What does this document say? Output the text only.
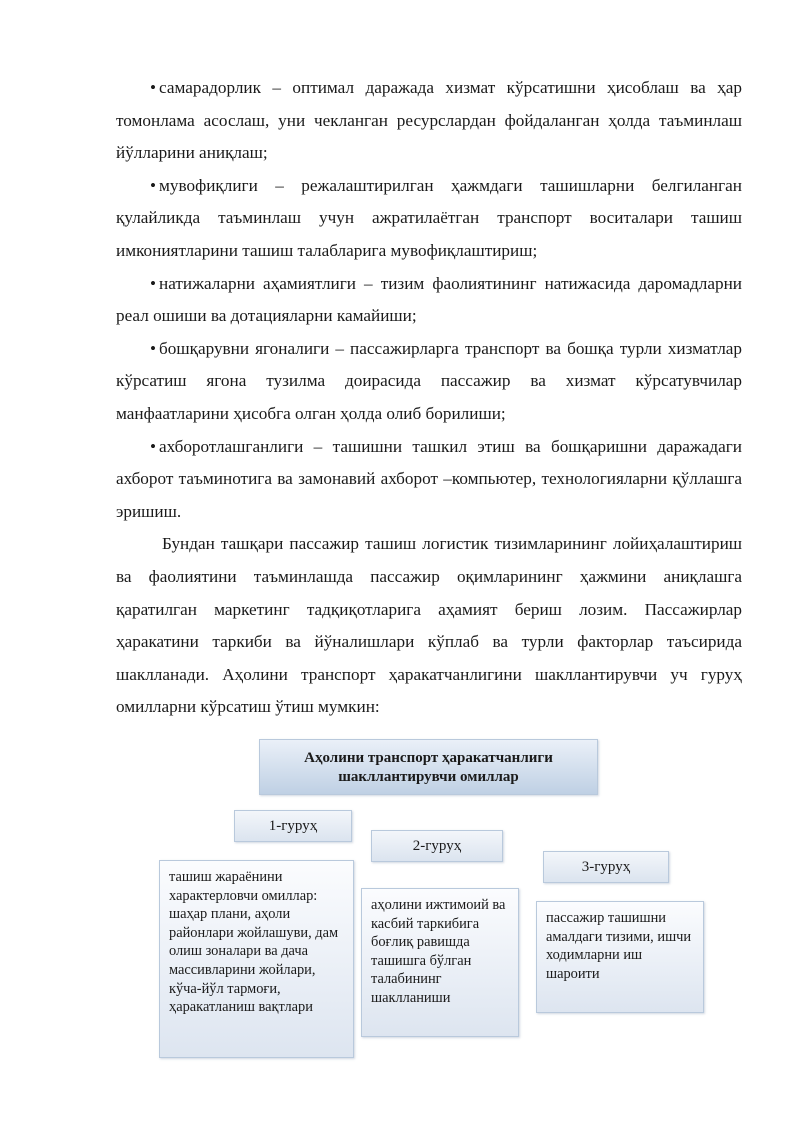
• самарадорлик – оптимал даражада хизмат кўрсатишни ҳисоблаш ва ҳар томонлама асослаш, уни чекланган ресурслардан фойдаланган ҳолда таъминлаш йўлларини аниқлаш;

• мувофиқлиги – режалаштирилган ҳажмдаги ташишларни белгиланган қулайликда таъминлаш учун ажратилаётган транспорт воситалари ташиш имкониятларини ташиш талабларига мувофиқлаштириш;

• натижаларни аҳамиятлиги – тизим фаолиятининг натижасида даромадларни реал ошиши ва дотацияларни камайиши;

• бошқарувни ягоналиги – пассажирларга транспорт ва бошқа турли хизматлар кўрсатиш ягона тузилма доирасида пассажир ва хизмат кўрсатувчилар манфаатларини ҳисобга олган ҳолда олиб борилиши;

• ахборотлашганлиги – ташишни ташкил этиш ва бошқаришни даражадаги ахборот таъминотига ва замонавий ахборот –компьютер, технологияларни қўллашга эришиш.

Бундан ташқари пассажир ташиш логистик тизимларининг лойиҳалаштириш ва фаолиятини таъминлашда пассажир оқимларининг ҳажмини аниқлашга қаратилган маркетинг тадқиқотларига аҳамият бериш лозим. Пассажирлар ҳаракатини таркиби ва йўналишлари кўплаб ва турли факторлар таъсирида шаклланади. Аҳолини транспорт ҳаракатчанлигини шакллантирувчи уч гуруҳ омилларни кўрсатиш ўтиш мумкин:

Аҳолини транспорт ҳаракатчанлиги
шакллантирувчи омиллар
1-гуруҳ
2-гуруҳ
3-гуруҳ
ташиш жараёнини характерловчи омиллар: шаҳар плани, аҳоли районлари жойлашуви, дам олиш зоналари ва дача массивларини жойлари, кўча-йўл тармоғи, ҳаракатланиш вақтлари
аҳолини ижтимоий ва касбий таркибига боғлиқ равишда ташишга бўлган талабининг шаклланиши
пассажир ташишни амалдаги тизими, ишчи ходимларни иш шароити
